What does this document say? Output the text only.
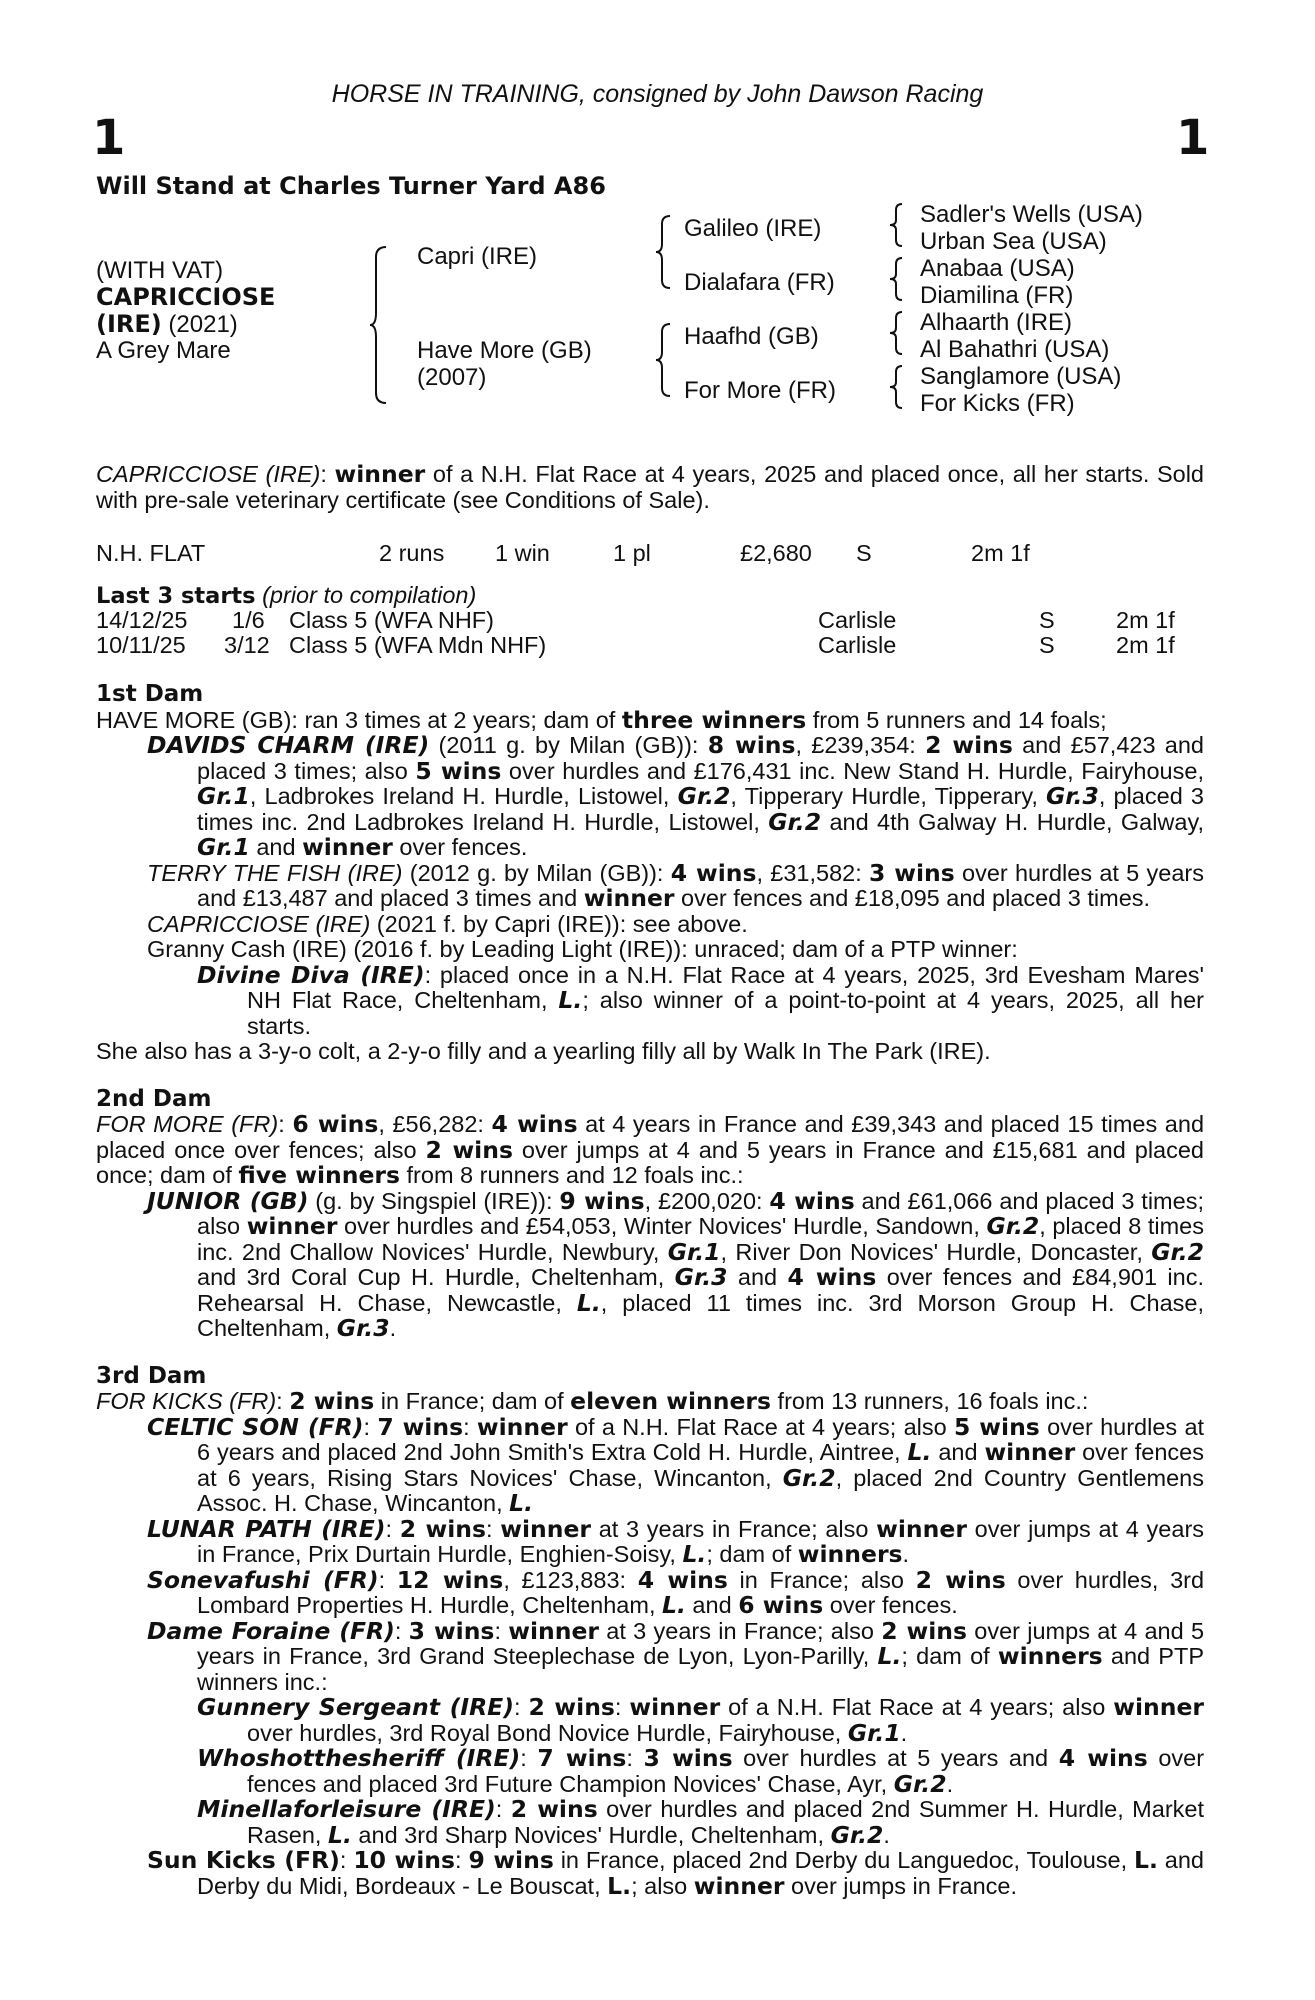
HORSE IN TRAINING, consigned by John Dawson Racing
1	1
Will Stand at Charles Turner Yard A86
(WITH VAT)
CAPRICCIOSE
(IRE) (2021)
A Grey Mare
Capri (IRE)
Have More (GB)
(2007)
Galileo (IRE)
Dialafara (FR)
Haafhd (GB)
For More (FR)
Sadler's Wells (USA)
Urban Sea (USA)
Anabaa (USA)
Diamilina (FR)
Alhaarth (IRE)
Al Bahathri (USA)
Sanglamore (USA)
For Kicks (FR)

CAPRICCIOSE (IRE): winner of a N.H. Flat Race at 4 years, 2025 and placed once, all her starts. Sold with pre-sale veterinary certificate (see Conditions of Sale).

N.H. FLAT	2 runs 1 win	1 pl	£2,680 S	2m 1f
Last 3 starts (prior to compilation)
14/12/25 1/6 Class 5 (WFA NHF)	Carlisle	S	2m 1f
10/11/25 3/12 Class 5 (WFA Mdn NHF)	Carlisle	S	2m 1f
1st Dam

HAVE MORE (GB): ran 3 times at 2 years; dam of three winners from 5 runners and 14 foals;

DAVIDS CHARM (IRE) (2011 g. by Milan (GB)): 8 wins, £239,354: 2 wins and £57,423 and placed 3 times; also 5 wins over hurdles and £176,431 inc. New Stand H. Hurdle, Fairyhouse, Gr.1, Ladbrokes Ireland H. Hurdle, Listowel, Gr.2, Tipperary Hurdle, Tipperary, Gr.3, placed 3 times inc. 2nd Ladbrokes Ireland H. Hurdle, Listowel, Gr.2 and 4th Galway H. Hurdle, Galway, Gr.1 and winner over fences.

TERRY THE FISH (IRE) (2012 g. by Milan (GB)): 4 wins, £31,582: 3 wins over hurdles at 5 years and £13,487 and placed 3 times and winner over fences and £18,095 and placed 3 times.

CAPRICCIOSE (IRE) (2021 f. by Capri (IRE)): see above.

Granny Cash (IRE) (2016 f. by Leading Light (IRE)): unraced; dam of a PTP winner:

Divine Diva (IRE): placed once in a N.H. Flat Race at 4 years, 2025, 3rd Evesham Mares' NH Flat Race, Cheltenham, L.; also winner of a point-to-point at 4 years, 2025, all her starts.

She also has a 3-y-o colt, a 2-y-o filly and a yearling filly all by Walk In The Park (IRE).

2nd Dam

FOR MORE (FR): 6 wins, £56,282: 4 wins at 4 years in France and £39,343 and placed 15 times and placed once over fences; also 2 wins over jumps at 4 and 5 years in France and £15,681 and placed once; dam of five winners from 8 runners and 12 foals inc.:

JUNIOR (GB) (g. by Singspiel (IRE)): 9 wins, £200,020: 4 wins and £61,066 and placed 3 times; also winner over hurdles and £54,053, Winter Novices' Hurdle, Sandown, Gr.2, placed 8 times inc. 2nd Challow Novices' Hurdle, Newbury, Gr.1, River Don Novices' Hurdle, Doncaster, Gr.2 and 3rd Coral Cup H. Hurdle, Cheltenham, Gr.3 and 4 wins over fences and £84,901 inc. Rehearsal H. Chase, Newcastle, L., placed 11 times inc. 3rd Morson Group H. Chase, Cheltenham, Gr.3.

3rd Dam

FOR KICKS (FR): 2 wins in France; dam of eleven winners from 13 runners, 16 foals inc.:

CELTIC SON (FR): 7 wins: winner of a N.H. Flat Race at 4 years; also 5 wins over hurdles at 6 years and placed 2nd John Smith's Extra Cold H. Hurdle, Aintree, L. and winner over fences at 6 years, Rising Stars Novices' Chase, Wincanton, Gr.2, placed 2nd Country Gentlemens Assoc. H. Chase, Wincanton, L.

LUNAR PATH (IRE): 2 wins: winner at 3 years in France; also winner over jumps at 4 years in France, Prix Durtain Hurdle, Enghien-Soisy, L.; dam of winners.

Sonevafushi (FR): 12 wins, £123,883: 4 wins in France; also 2 wins over hurdles, 3rd Lombard Properties H. Hurdle, Cheltenham, L. and 6 wins over fences.

Dame Foraine (FR): 3 wins: winner at 3 years in France; also 2 wins over jumps at 4 and 5 years in France, 3rd Grand Steeplechase de Lyon, Lyon-Parilly, L.; dam of winners and PTP winners inc.:

Gunnery Sergeant (IRE): 2 wins: winner of a N.H. Flat Race at 4 years; also winner over hurdles, 3rd Royal Bond Novice Hurdle, Fairyhouse, Gr.1.

Whoshotthesheriff (IRE): 7 wins: 3 wins over hurdles at 5 years and 4 wins over fences and placed 3rd Future Champion Novices' Chase, Ayr, Gr.2.

Minellaforleisure (IRE): 2 wins over hurdles and placed 2nd Summer H. Hurdle, Market Rasen, L. and 3rd Sharp Novices' Hurdle, Cheltenham, Gr.2.

Sun Kicks (FR): 10 wins: 9 wins in France, placed 2nd Derby du Languedoc, Toulouse, L. and Derby du Midi, Bordeaux - Le Bouscat, L.; also winner over jumps in France.
